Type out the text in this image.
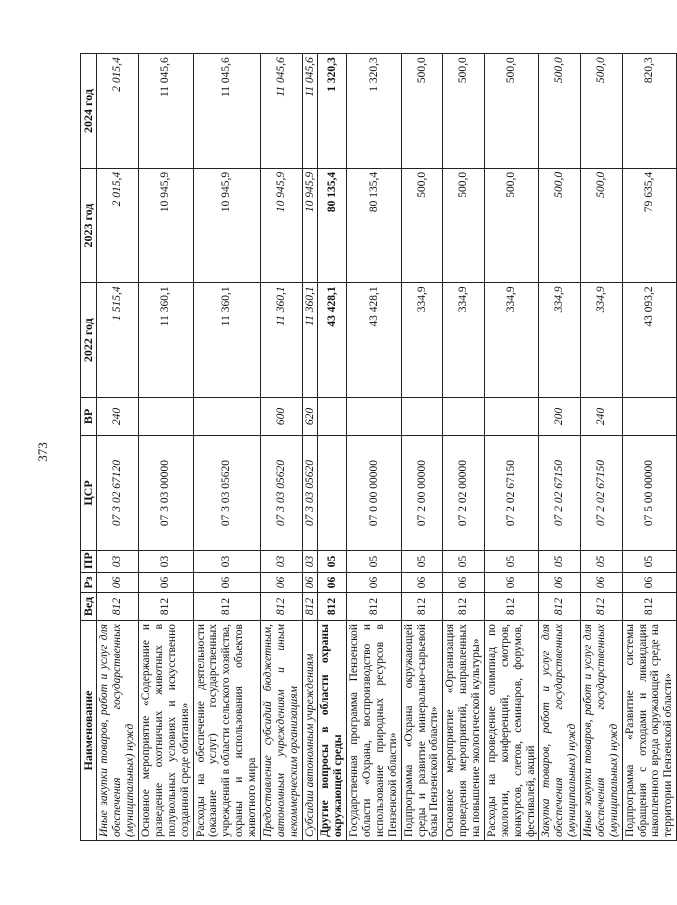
373
Наименование	Вед	Рз	ПР	ЦСР	ВР	2022 год	2023 год	2024 год
Иные закупки товаров, работ и услуг для обеспечения государственных (муниципальных) нужд	812	06	03	07 3 02 67120	240	1 515,4	2 015,4	2 015,4
Основное мероприятие «Содержание и разведение охотничьих животных в полувольных условиях и искусственно созданной среде обитания»	812	06	03	07 3 03 00000		11 360,1	10 945,9	11 045,6
Расходы на обеспечение деятельности (оказание услуг) государственных учреждений в области сельского хозяйства, охраны и использования объектов животного мира	812	06	03	07 3 03 05620		11 360,1	10 945,9	11 045,6
Предоставление субсидий бюджетным, автономным учреждениям и иным некоммерческим организациям	812	06	03	07 3 03 05620	600	11 360,1	10 945,9	11 045,6
Субсидии автономным учреждениям	812	06	03	07 3 03 05620	620	11 360,1	10 945,9	11 045,6
Другие вопросы в области охраны окружающей среды	812	06	05			43 428,1	80 135,4	1 320,3
Государственная программа Пензенской области «Охрана, воспроизводство и использование природных ресурсов в Пензенской области»	812	06	05	07 0 00 00000		43 428,1	80 135,4	1 320,3
Подпрограмма «Охрана окружающей среды и развитие минерально-сырьевой базы Пензенской области»	812	06	05	07 2 00 00000		334,9	500,0	500,0
Основное мероприятие «Организация проведения мероприятий, направленных на повышение экологической культуры»	812	06	05	07 2 02 00000		334,9	500,0	500,0
Расходы на проведение олимпиад по экологии, конференций, смотров, конкурсов, слетов, семинаров, форумов, фестивалей, акций	812	06	05	07 2 02 67150		334,9	500,0	500,0
Закупка товаров, работ и услуг для обеспечения государственных (муниципальных) нужд	812	06	05	07 2 02 67150	200	334,9	500,0	500,0
Иные закупки товаров, работ и услуг для обеспечения государственных (муниципальных) нужд	812	06	05	07 2 02 67150	240	334,9	500,0	500,0
Подпрограмма «Развитие системы обращения с отходами и ликвидация накопленного вреда окружающей среде на территории Пензенской области»	812	06	05	07 5 00 00000		43 093,2	79 635,4	820,3
